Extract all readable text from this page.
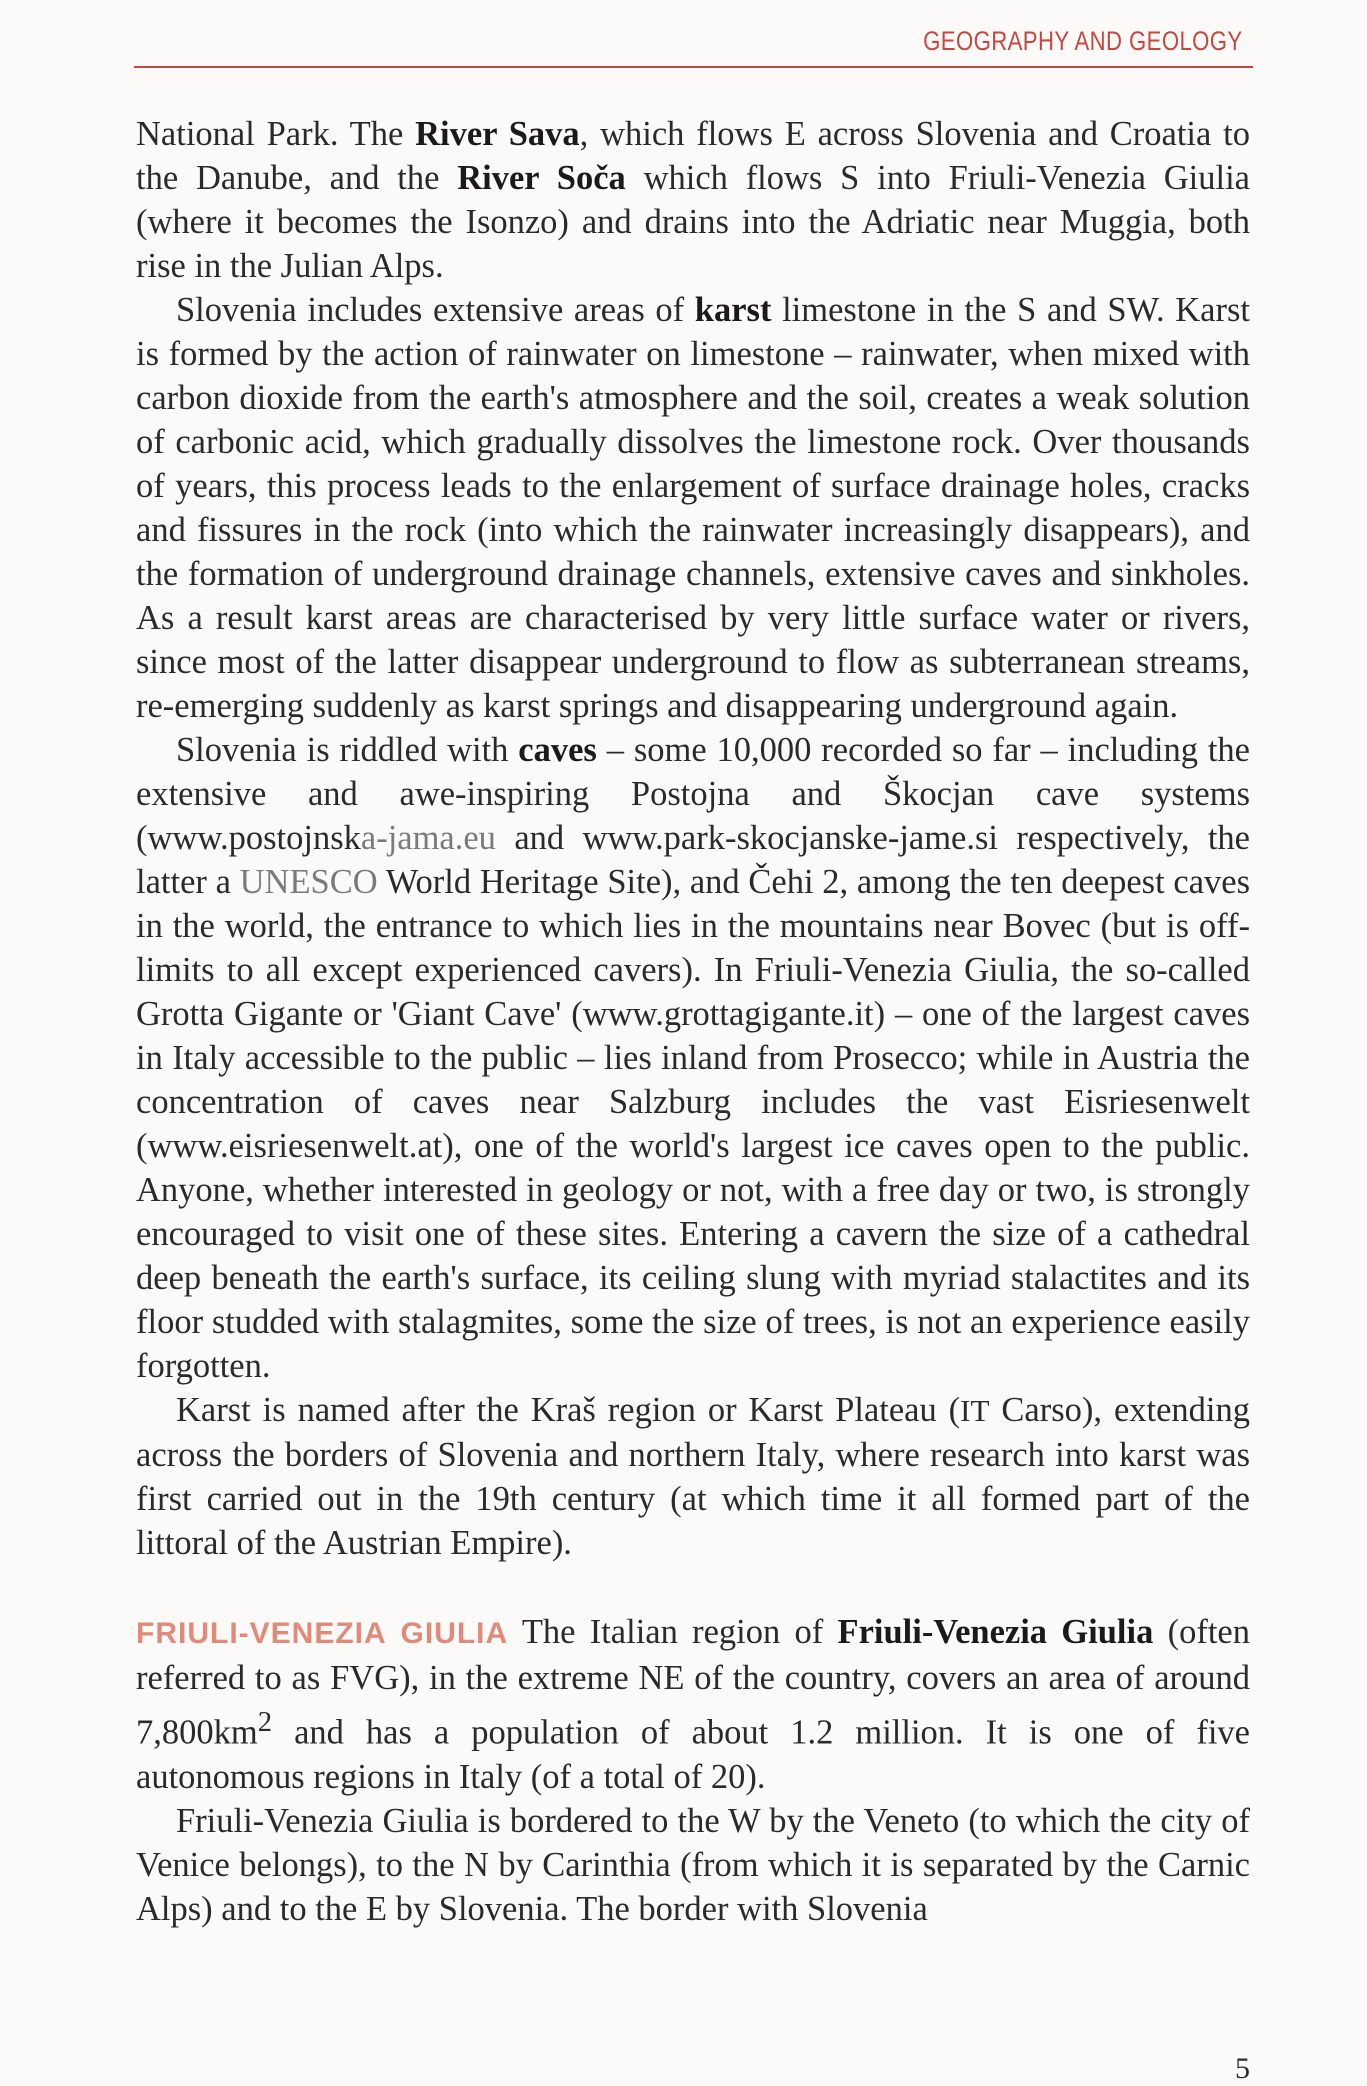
GEOGRAPHY AND GEOLOGY

National Park. The River Sava, which flows E across Slovenia and Croatia to the Danube, and the River Soča which flows S into Friuli-Venezia Giulia (where it becomes the Isonzo) and drains into the Adriatic near Muggia, both rise in the Julian Alps.

Slovenia includes extensive areas of karst limestone in the S and SW. Karst is formed by the action of rainwater on limestone – rainwater, when mixed with carbon dioxide from the earth's atmosphere and the soil, creates a weak solution of carbonic acid, which gradually dissolves the limestone rock. Over thousands of years, this process leads to the enlargement of surface drainage holes, cracks and fissures in the rock (into which the rainwater increasingly disappears), and the formation of underground drainage channels, extensive caves and sinkholes. As a result karst areas are characterised by very little surface water or rivers, since most of the latter disappear underground to flow as subterranean streams, re-emerging suddenly as karst springs and disappearing underground again.

Slovenia is riddled with caves – some 10,000 recorded so far – including the extensive and awe-inspiring Postojna and Škocjan cave systems (www.postojnska-jama.eu and www.park-skocjanske-jame.si respectively, the latter a UNESCO World Heritage Site), and Čehi 2, among the ten deepest caves in the world, the entrance to which lies in the mountains near Bovec (but is off-limits to all except experienced cavers). In Friuli-Venezia Giulia, the so-called Grotta Gigante or 'Giant Cave' (www.grottagigante.it) – one of the largest caves in Italy accessible to the public – lies inland from Prosecco; while in Austria the concentration of caves near Salzburg includes the vast Eisriesenwelt (www.eisriesenwelt.at), one of the world's largest ice caves open to the public. Anyone, whether interested in geology or not, with a free day or two, is strongly encouraged to visit one of these sites. Entering a cavern the size of a cathedral deep beneath the earth's surface, its ceiling slung with myriad stalactites and its floor studded with stalagmites, some the size of trees, is not an experience easily forgotten.

Karst is named after the Kraš region or Karst Plateau (IT Carso), extending across the borders of Slovenia and northern Italy, where research into karst was first carried out in the 19th century (at which time it all formed part of the littoral of the Austrian Empire).

FRIULI-VENEZIA GIULIA The Italian region of Friuli-Venezia Giulia (often referred to as FVG), in the extreme NE of the country, covers an area of around $7,800km^2$ and has a population of about 1.2 million. It is one of five autonomous regions in Italy (of a total of 20).

Friuli-Venezia Giulia is bordered to the W by the Veneto (to which the city of Venice belongs), to the N by Carinthia (from which it is separated by the Carnic Alps) and to the E by Slovenia. The border with Slovenia

5
